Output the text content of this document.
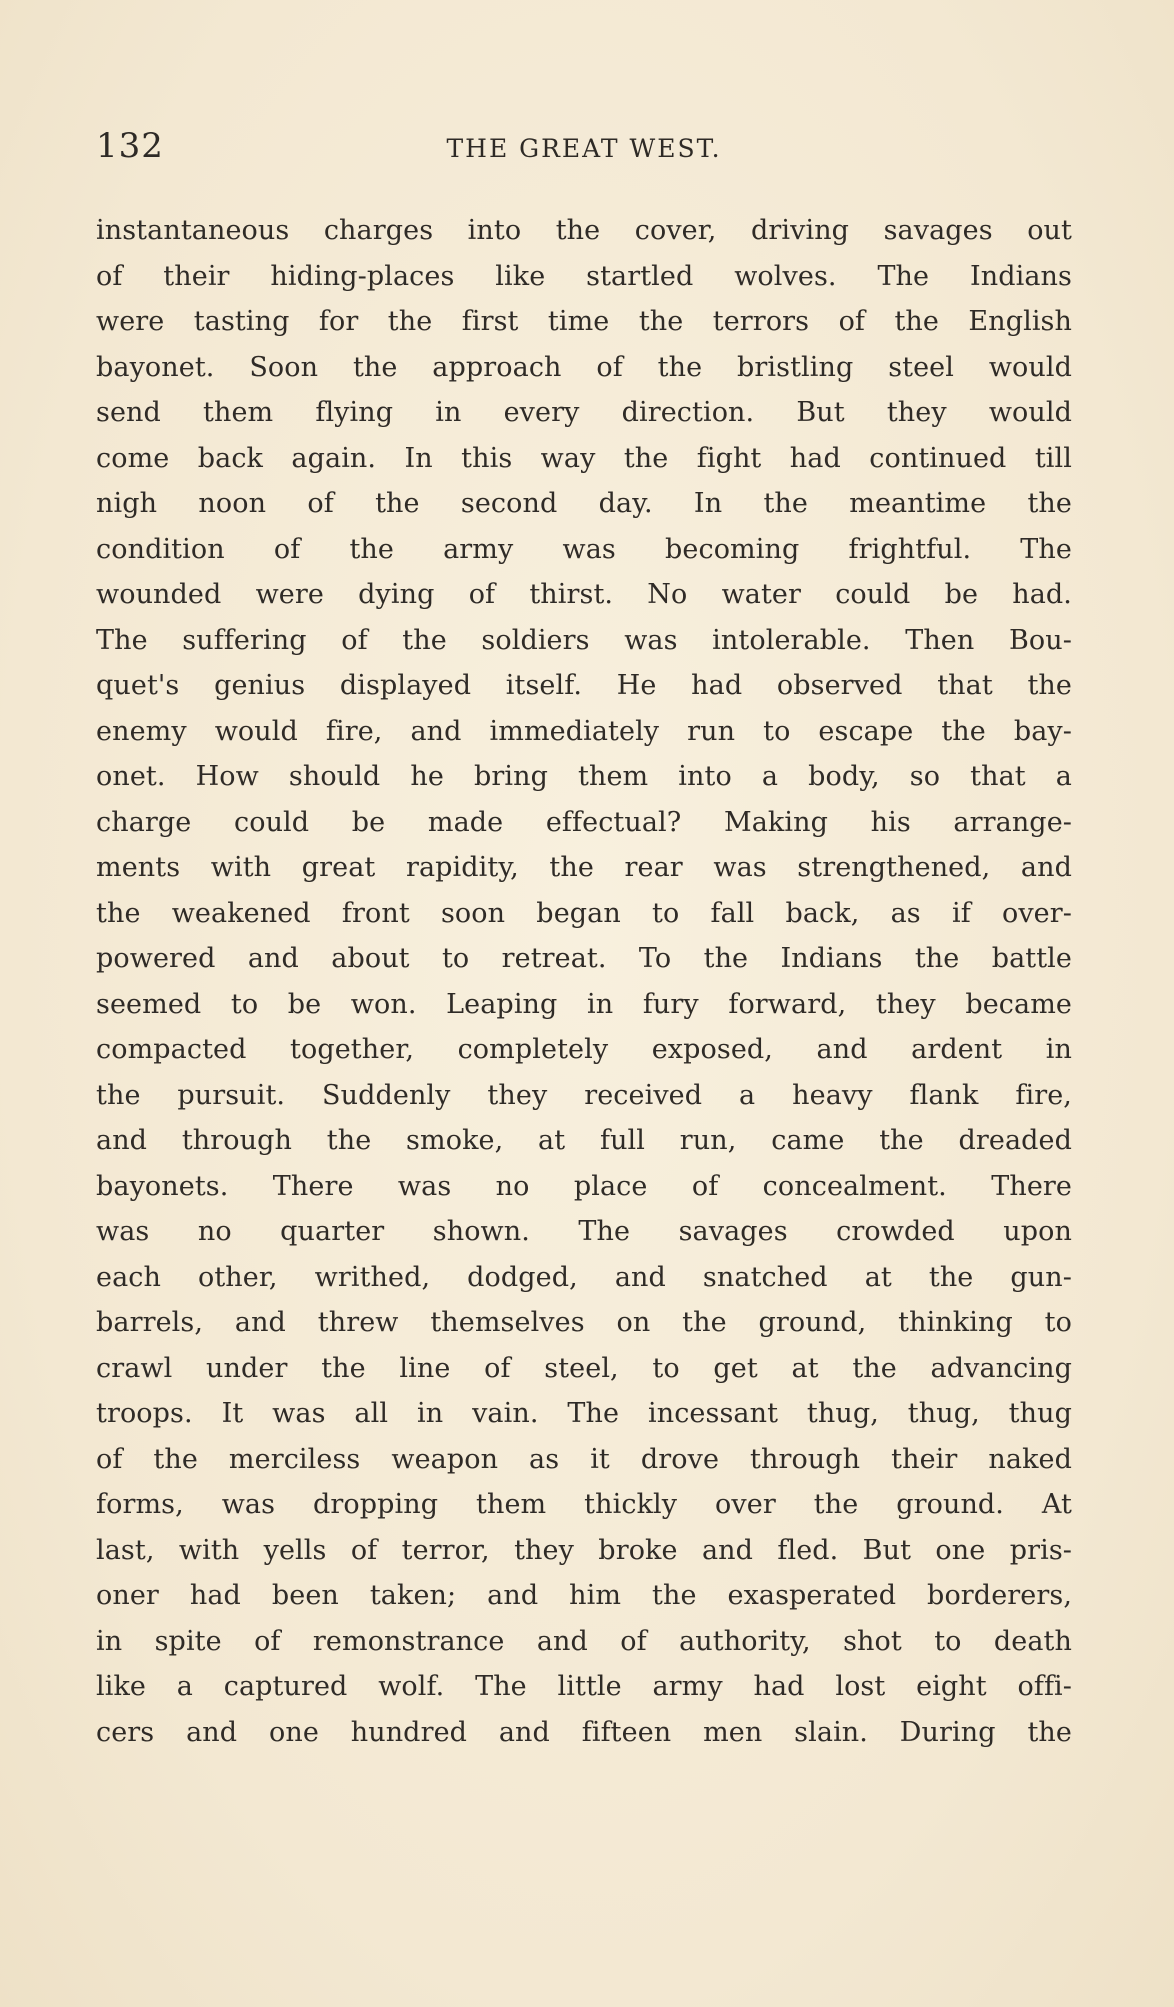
132	THE GREAT WEST.
instantaneous charges into the cover, driving savages out
of their hiding-places like startled wolves. The Indians
were tasting for the first time the terrors of the English
bayonet. Soon the approach of the bristling steel would
send them flying in every direction. But they would
come back again. In this way the fight had continued till
nigh noon of the second day. In the meantime the
condition of the army was becoming frightful. The
wounded were dying of thirst. No water could be had.
The suffering of the soldiers was intolerable. Then Bou-
quet's genius displayed itself. He had observed that the
enemy would fire, and immediately run to escape the bay-
onet. How should he bring them into a body, so that a
charge could be made effectual? Making his arrange-
ments with great rapidity, the rear was strengthened, and
the weakened front soon began to fall back, as if over-
powered and about to retreat. To the Indians the battle
seemed to be won. Leaping in fury forward, they became
compacted together, completely exposed, and ardent in
the pursuit. Suddenly they received a heavy flank fire,
and through the smoke, at full run, came the dreaded
bayonets. There was no place of concealment. There
was no quarter shown. The savages crowded upon
each other, writhed, dodged, and snatched at the gun-
barrels, and threw themselves on the ground, thinking to
crawl under the line of steel, to get at the advancing
troops. It was all in vain. The incessant thug, thug, thug
of the merciless weapon as it drove through their naked
forms, was dropping them thickly over the ground. At
last, with yells of terror, they broke and fled. But one pris-
oner had been taken; and him the exasperated borderers,
in spite of remonstrance and of authority, shot to death
like a captured wolf. The little army had lost eight offi-
cers and one hundred and fifteen men slain. During the
